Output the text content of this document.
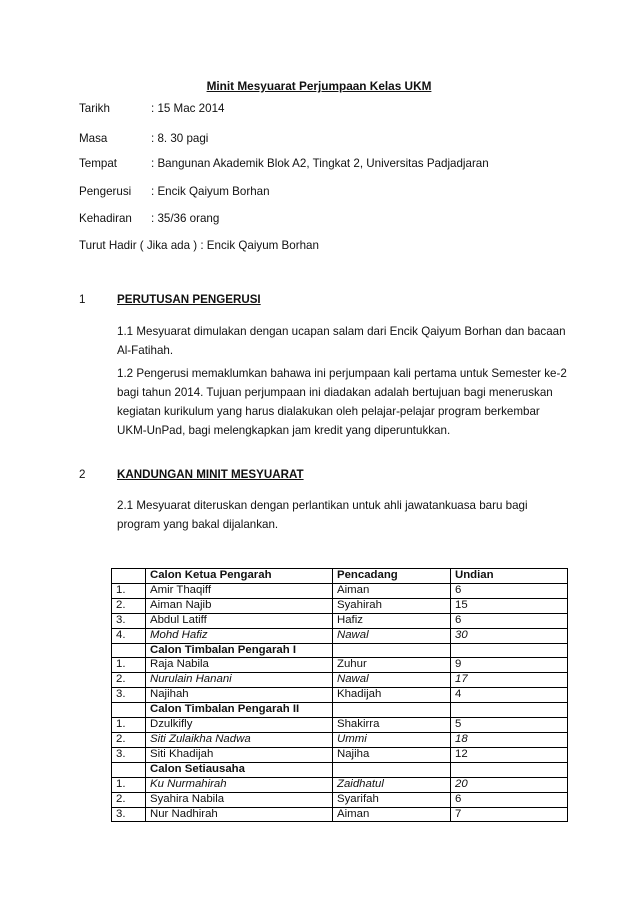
Minit Mesyuarat Perjumpaan Kelas UKM
Tarikh	: 15 Mac 2014
Masa	: 8. 30 pagi
Tempat	: Bangunan Akademik Blok A2, Tingkat 2, Universitas Padjadjaran
Pengerusi : Encik Qaiyum Borhan
Kehadiran : 35/36 orang
Turut Hadir ( Jika ada ) : Encik Qaiyum Borhan
1	PERUTUSAN PENGERUSI
1.1 Mesyuarat dimulakan dengan ucapan salam dari Encik Qaiyum Borhan dan bacaan Al-Fatihah.
1.2 Pengerusi memaklumkan bahawa ini perjumpaan kali pertama untuk Semester ke-2 bagi tahun 2014. Tujuan perjumpaan ini diadakan adalah bertujuan bagi meneruskan kegiatan kurikulum yang harus dialakukan oleh pelajar-pelajar program berkembar UKM-UnPad, bagi melengkapkan jam kredit yang diperuntukkan.
2	KANDUNGAN MINIT MESYUARAT
2.1 Mesyuarat diteruskan dengan perlantikan untuk ahli jawatankuasa baru bagi program yang bakal dijalankan.
	Calon Ketua Pengarah	Pencadang	Undian
1.	Amir Thaqiff	Aiman	6
2.	Aiman Najib	Syahirah	15
3.	Abdul Latiff	Hafiz	6
4.	Mohd Hafiz	Nawal	30
	Calon Timbalan Pengarah I		
1.	Raja Nabila	Zuhur	9
2.	Nurulain Hanani	Nawal	17
3.	Najihah	Khadijah	4
	Calon Timbalan Pengarah II		
1.	Dzulkifly	Shakirra	5
2.	Siti Zulaikha Nadwa	Ummi	18
3.	Siti Khadijah	Najiha	12
	Calon Setiausaha		
1.	Ku Nurmahirah	Zaidhatul	20
2.	Syahira Nabila	Syarifah	6
3.	Nur Nadhirah	Aiman	7
